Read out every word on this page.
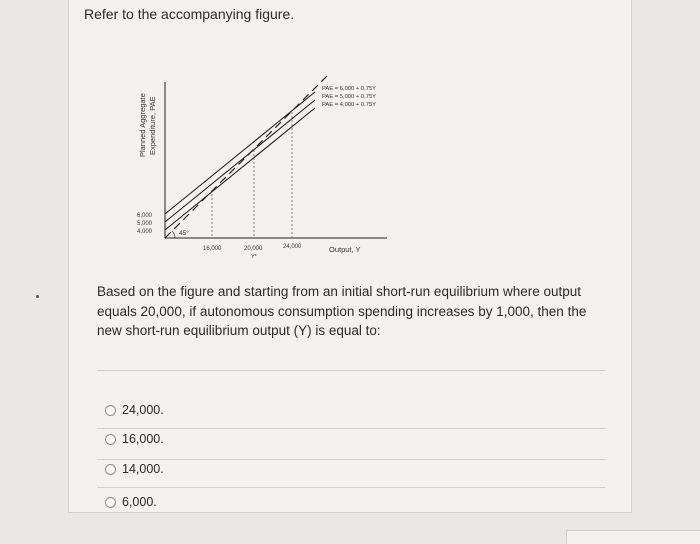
Refer to the accompanying figure.
Planned Aggregate Expenditure, PAE
45°
6,000
5,000
4,000
16,000	20,000	24,000
Y*
Output, Y
PAE = 6,000 + 0.75Y
PAE = 5,000 + 0.75Y
PAE = 4,000 + 0.75Y
Based on the figure and starting from an initial short-run equilibrium where output equals 20,000, if autonomous consumption spending increases by 1,000, then the new short-run equilibrium output (Y) is equal to:
24,000.
16,000.
14,000.
6,000.
